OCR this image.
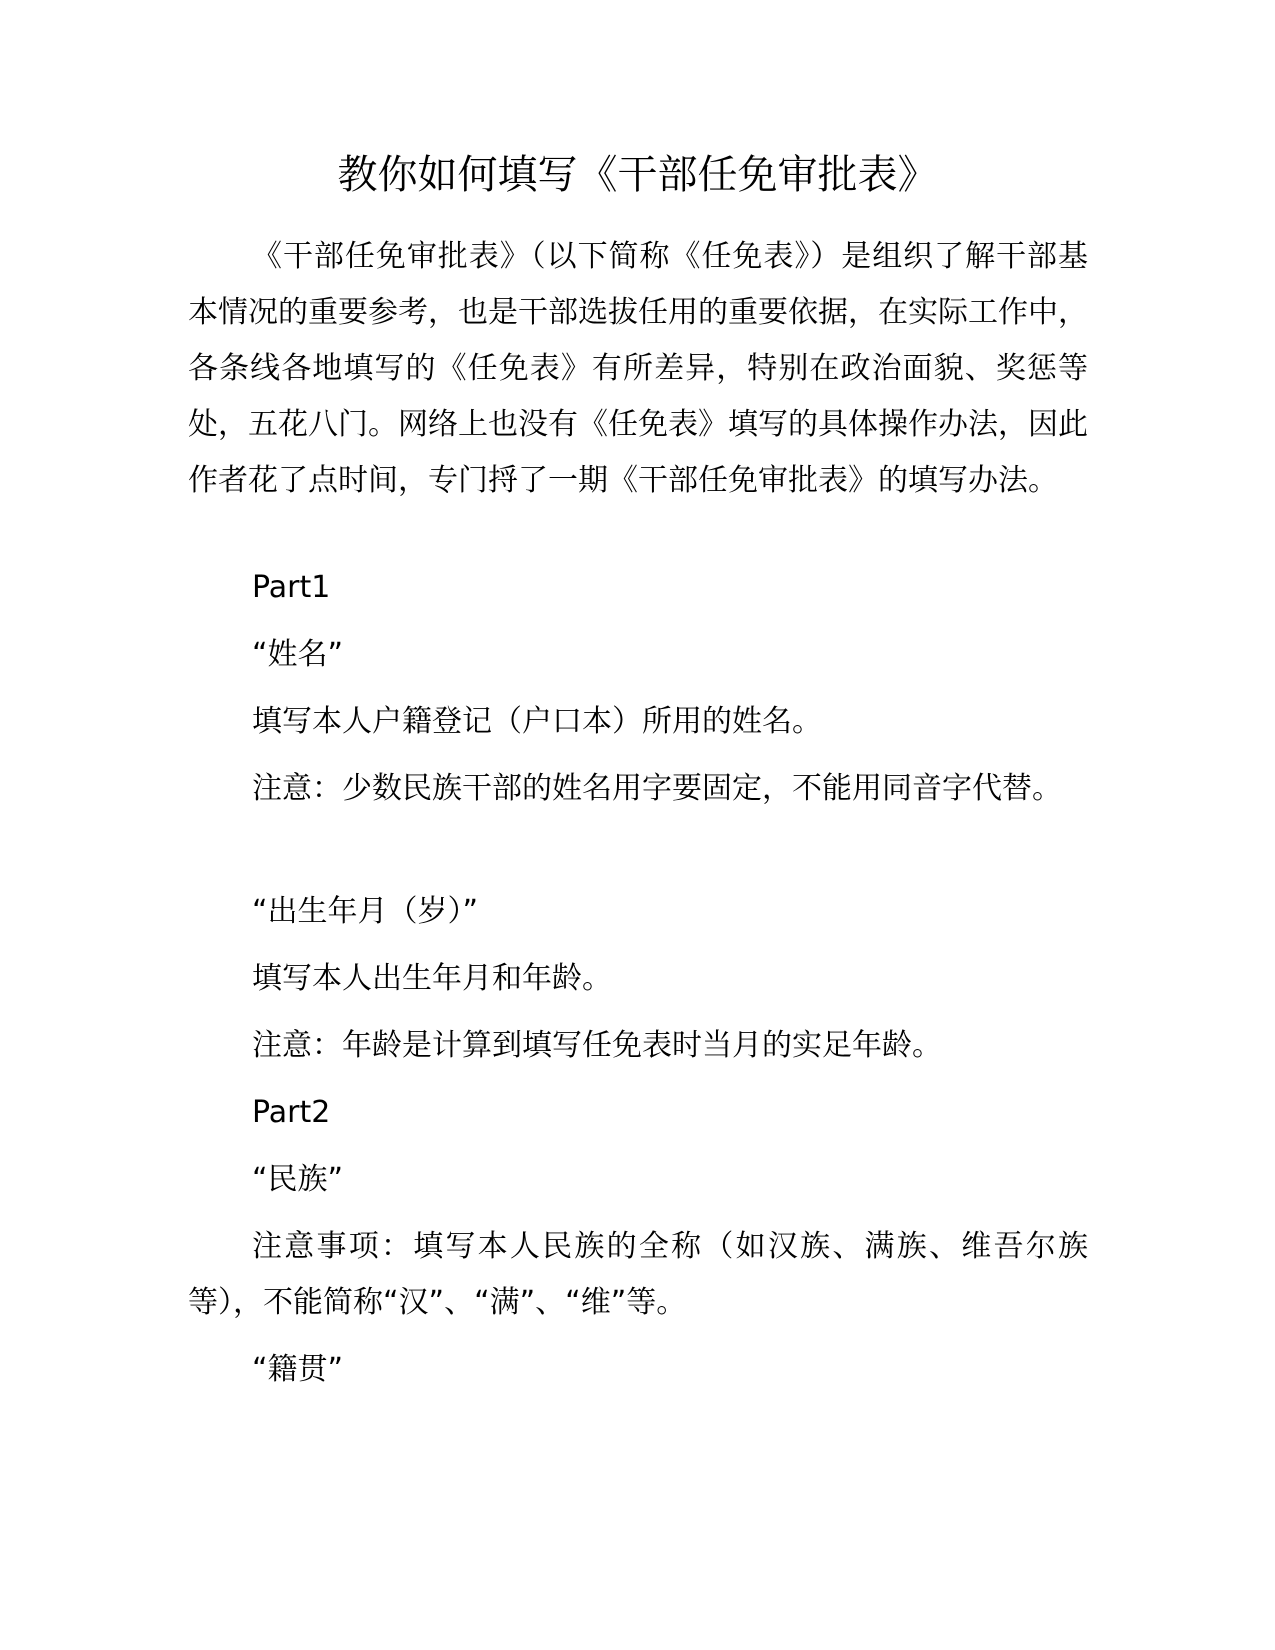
教你如何填写《干部任免审批表》

《干部任免审批表》（以下简称《任免表》）是组织了解干部基本情况的重要参考，也是干部选拔任用的重要依据，在实际工作中，各条线各地填写的《任免表》有所差异，特别在政治面貌、奖惩等处，五花八门。网络上也没有《任免表》填写的具体操作办法，因此作者花了点时间，专门捋了一期《干部任免审批表》的填写办法。

Part1

“姓名”

填写本人户籍登记（户口本）所用的姓名。

注意：少数民族干部的姓名用字要固定，不能用同音字代替。

“出生年月（岁）”

填写本人出生年月和年龄。

注意：年龄是计算到填写任免表时当月的实足年龄。

Part2

“民族”

注意事项：填写本人民族的全称（如汉族、满族、维吾尔族等），不能简称“汉”、“满”、“维”等。

“籍贯”
